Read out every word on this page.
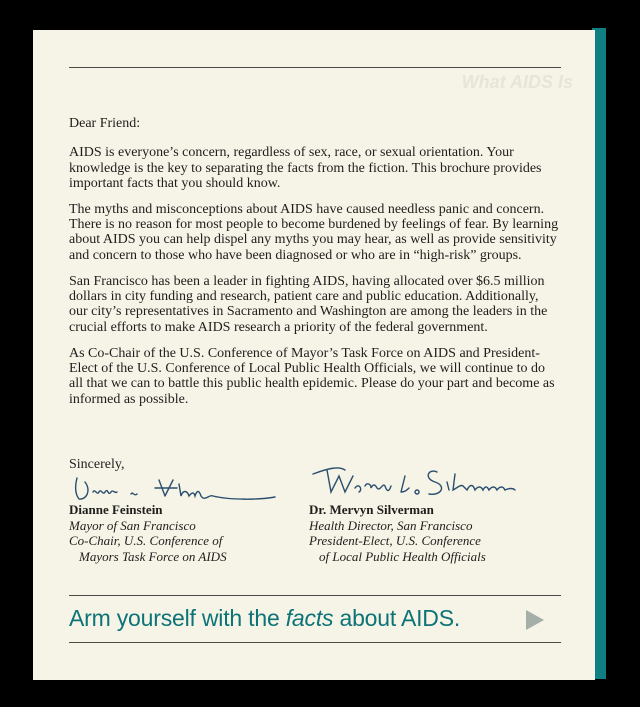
What AIDS Is

Dear Friend:

AIDS is everyone’s concern, regardless of sex, race, or sexual orientation. Your knowledge is the key to separating the facts from the fiction. This brochure provides important facts that you should know.

The myths and misconceptions about AIDS have caused needless panic and concern. There is no reason for most people to become burdened by feelings of fear. By learning about AIDS you can help dispel any myths you may hear, as well as provide sensitivity and concern to those who have been diagnosed or who are in “high-risk” groups.

San Francisco has been a leader in fighting AIDS, having allocated over $6.5 million dollars in city funding and research, patient care and public education. Additionally, our city’s representatives in Sacramento and Washington are among the leaders in the crucial efforts to make AIDS research a priority of the federal government.

As Co-Chair of the U.S. Conference of Mayor’s Task Force on AIDS and President-Elect of the U.S. Conference of Local Public Health Officials, we will continue to do all that we can to battle this public health epidemic. Please do your part and become as informed as possible.

Sincerely,
Dianne Feinstein
Mayor of San Francisco
Co-Chair, U.S. Conference of
Mayors Task Force on AIDS
Dr. Mervyn Silverman
Health Director, San Francisco
President-Elect, U.S. Conference
of Local Public Health Officials
Arm yourself with the facts about AIDS.
